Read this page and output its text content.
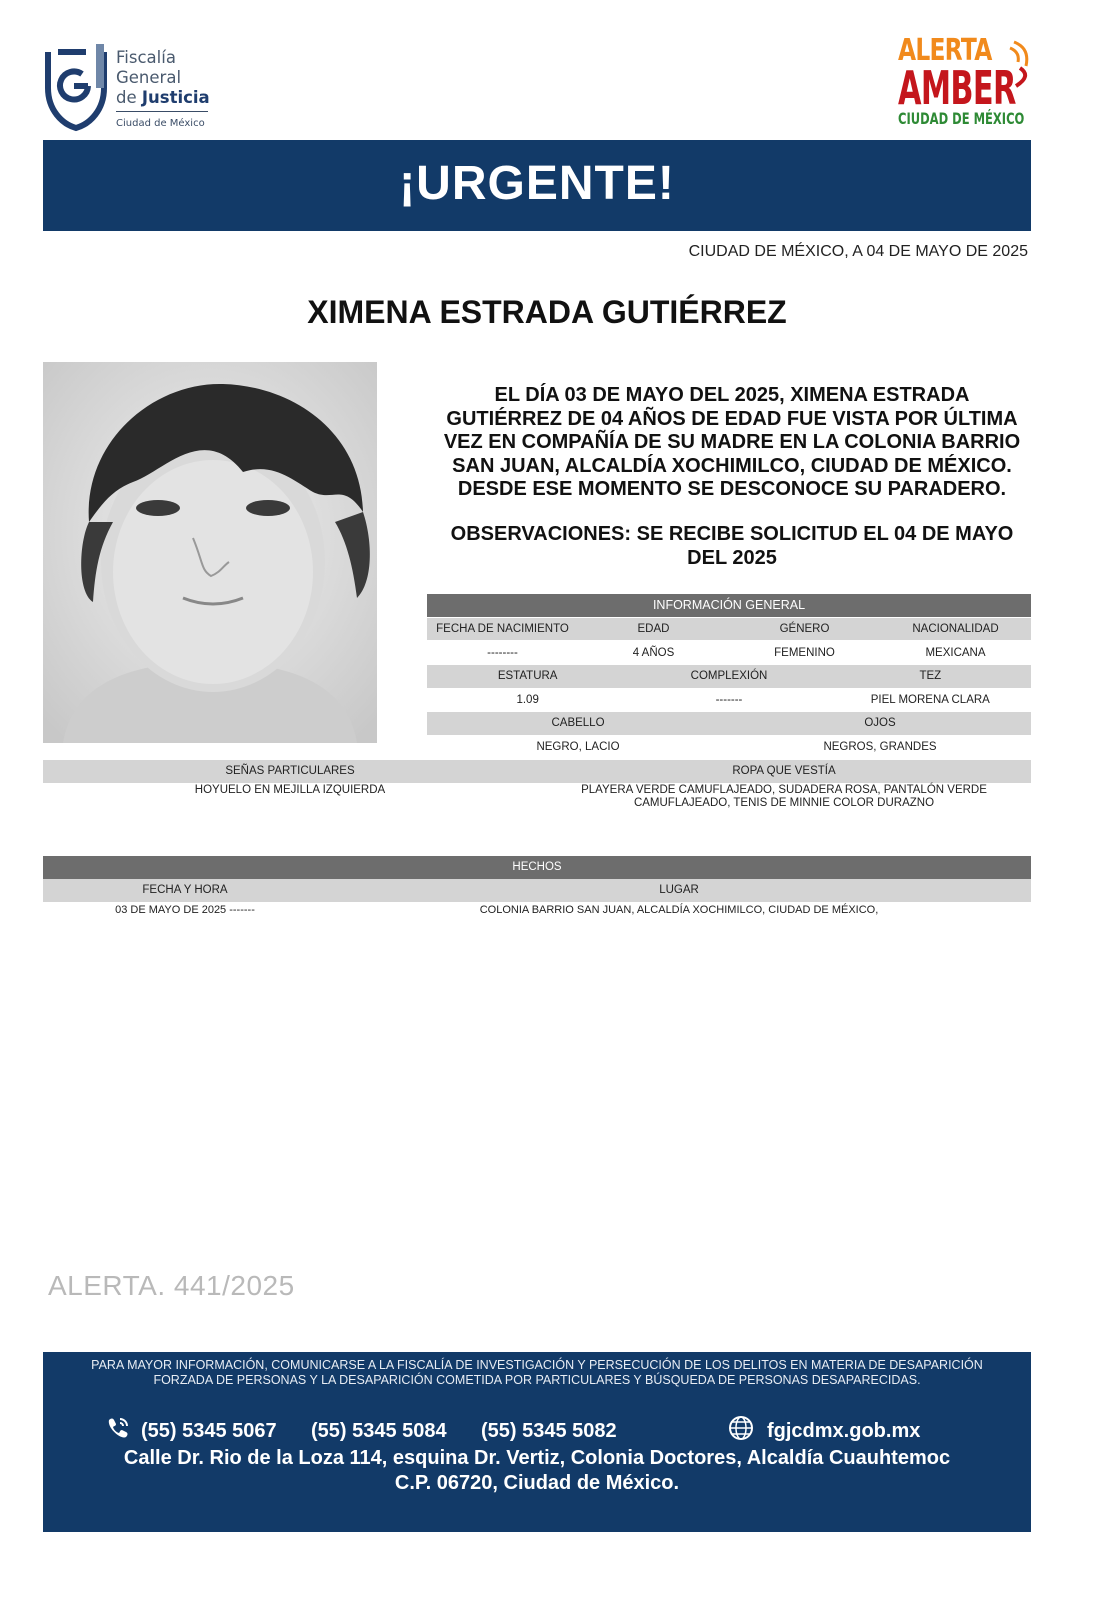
Fiscalía
General
de Justicia
Ciudad de México
ALERTA
AMBER
CIUDAD DE MÉXICO
¡URGENTE!
CIUDAD DE MÉXICO, A 04 DE MAYO DE 2025
XIMENA ESTRADA GUTIÉRREZ
EL DÍA 03 DE MAYO DEL 2025, XIMENA ESTRADA
GUTIÉRREZ DE 04 AÑOS DE EDAD FUE VISTA POR ÚLTIMA
VEZ EN COMPAÑÍA DE SU MADRE EN LA COLONIA BARRIO
SAN JUAN, ALCALDÍA XOCHIMILCO, CIUDAD DE MÉXICO.
DESDE ESE MOMENTO SE DESCONOCE SU PARADERO.
OBSERVACIONES: SE RECIBE SOLICITUD EL 04 DE MAYO
DEL 2025
INFORMACIÓN GENERAL
FECHA DE NACIMIENTO	EDAD	GÉNERO	NACIONALIDAD
--------	4 AÑOS	FEMENINO	MEXICANA
ESTATURA	COMPLEXIÓN	TEZ
1.09	-------	PIEL MORENA CLARA
CABELLO	OJOS
NEGRO, LACIO	NEGROS, GRANDES
SEÑAS PARTICULARES	ROPA QUE VESTÍA
HOYUELO EN MEJILLA IZQUIERDA	PLAYERA VERDE CAMUFLAJEADO, SUDADERA ROSA, PANTALÓN VERDE
CAMUFLAJEADO, TENIS DE MINNIE COLOR DURAZNO
HECHOS
FECHA Y HORA	LUGAR
03 DE MAYO DE 2025 -------	COLONIA BARRIO SAN JUAN, ALCALDÍA XOCHIMILCO, CIUDAD DE MÉXICO,
ALERTA. 441/2025
PARA MAYOR INFORMACIÓN, COMUNICARSE A LA FISCALÍA DE INVESTIGACIÓN Y PERSECUCIÓN DE LOS DELITOS EN MATERIA DE DESAPARICIÓN
FORZADA DE PERSONAS Y LA DESAPARICIÓN COMETIDA POR PARTICULARES Y BÚSQUEDA DE PERSONAS DESAPARECIDAS.
(55) 5345 5067 (55) 5345 5084 (55) 5345 5082	fgjcdmx.gob.mx
Calle Dr. Rio de la Loza 114, esquina Dr. Vertiz, Colonia Doctores, Alcaldía Cuauhtemoc
C.P. 06720, Ciudad de México.
